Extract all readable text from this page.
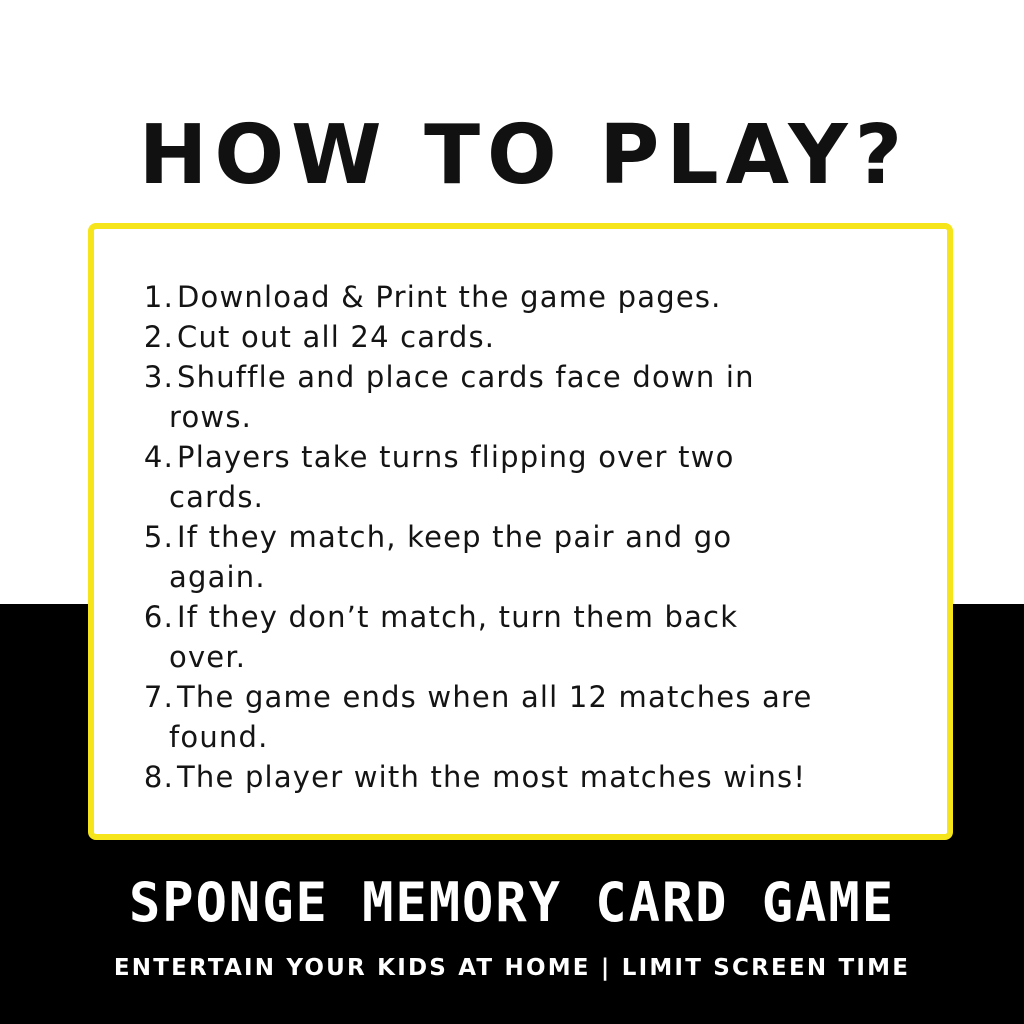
HOW TO PLAY?
1. Download & Print the game pages.
2. Cut out all 24 cards.
3. Shuffle and place cards face down in
rows.
4. Players take turns flipping over two
cards.
5. If they match, keep the pair and go
again.
6. If they don’t match, turn them back
over.
7. The game ends when all 12 matches are
found.
8. The player with the most matches wins!
SPONGE MEMORY CARD GAME
ENTERTAIN YOUR KIDS AT HOME | LIMIT SCREEN TIME
